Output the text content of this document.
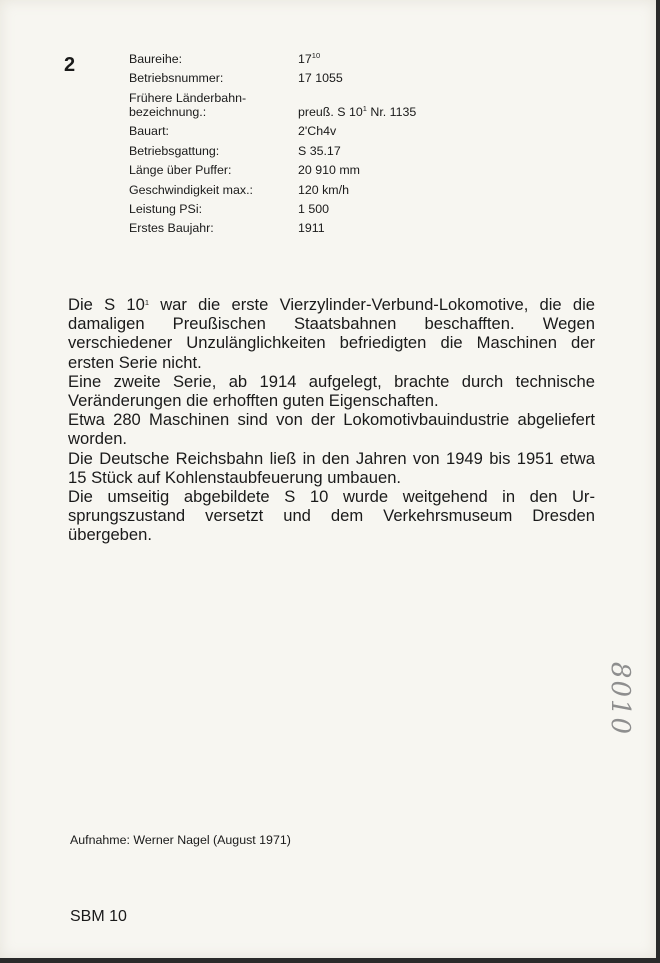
2	Baureihe:	$17^{10}$
Betriebsnummer:	17 1055
Frühere Länderbahn-
bezeichnung.:	preuß. S $10^1$ Nr. 1135
Bauart:	2'Ch4v
Betriebsgattung:	S 35.17
Länge über Puffer:	20 910 mm
Geschwindigkeit max.:	120 km/h
Leistung PSi:	1 500
Erstes Baujahr:	1911

Die S $10^1$ war die erste Vierzylinder-Verbund-Lokomotive, die die damaligen Preußischen Staatsbahnen beschafften. Wegen verschiedener Unzulänglichkeiten befriedigten die Maschinen der ersten Serie nicht.

Eine zweite Serie, ab 1914 aufgelegt, brachte durch technische Veränderungen die erhofften guten Eigenschaften.

Etwa 280 Maschinen sind von der Lokomotivbauindustrie abgeliefert worden.

Die Deutsche Reichsbahn ließ in den Jahren von 1949 bis 1951 etwa 15 Stück auf Kohlenstaubfeuerung umbauen.

Die umseitig abgebildete S 10 wurde weitgehend in den Ursprungszustand versetzt und dem Verkehrsmuseum Dresden übergeben.

8010

Aufnahme: Werner Nagel (August 1971)

SBM 10
